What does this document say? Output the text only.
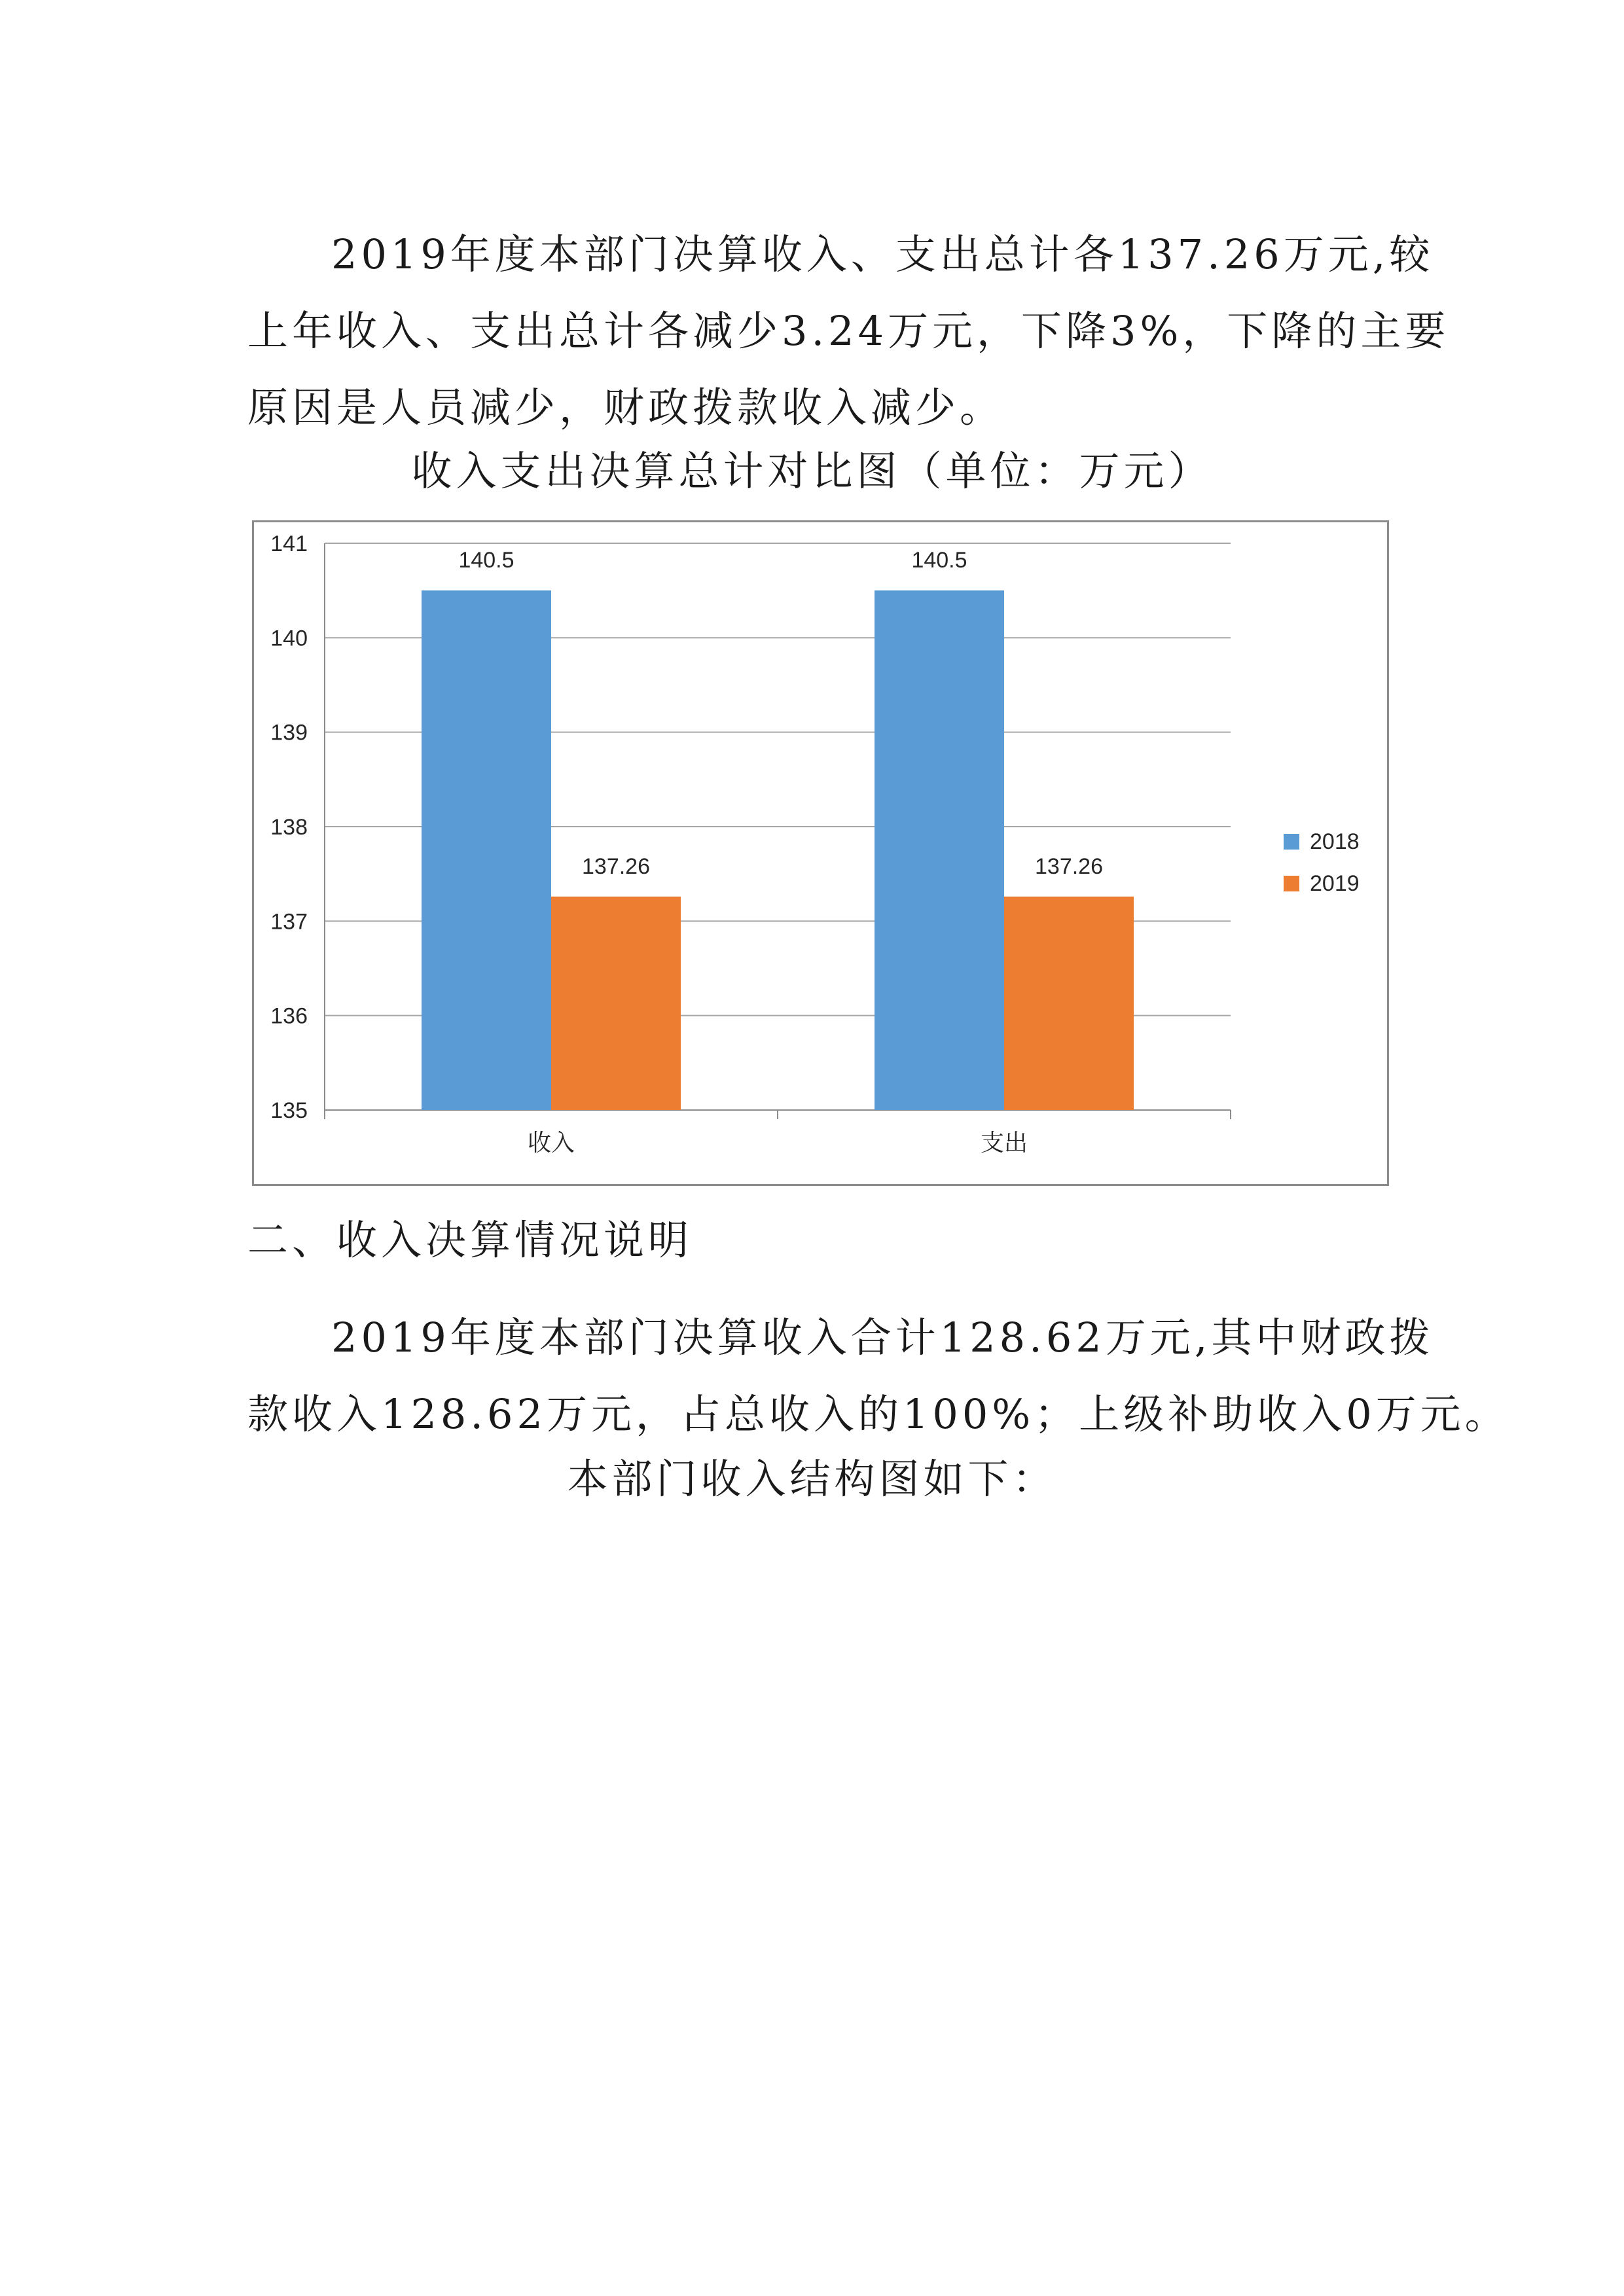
2019年度本部门决算收入、支出总计各137.26万元,较
上年收入、支出总计各减少3.24万元，下降3%，下降的主要
原因是人员减少，财政拨款收入减少。

收入支出决算总计对比图（单位：万元）

135
136
137
138
139
140
141
140.5
137.26
收入
140.5
137.26
支出
2018
2019

二、收入决算情况说明

2019年度本部门决算收入合计128.62万元,其中财政拨
款收入128.62万元，占总收入的100%；上级补助收入0万元。

本部门收入结构图如下：
